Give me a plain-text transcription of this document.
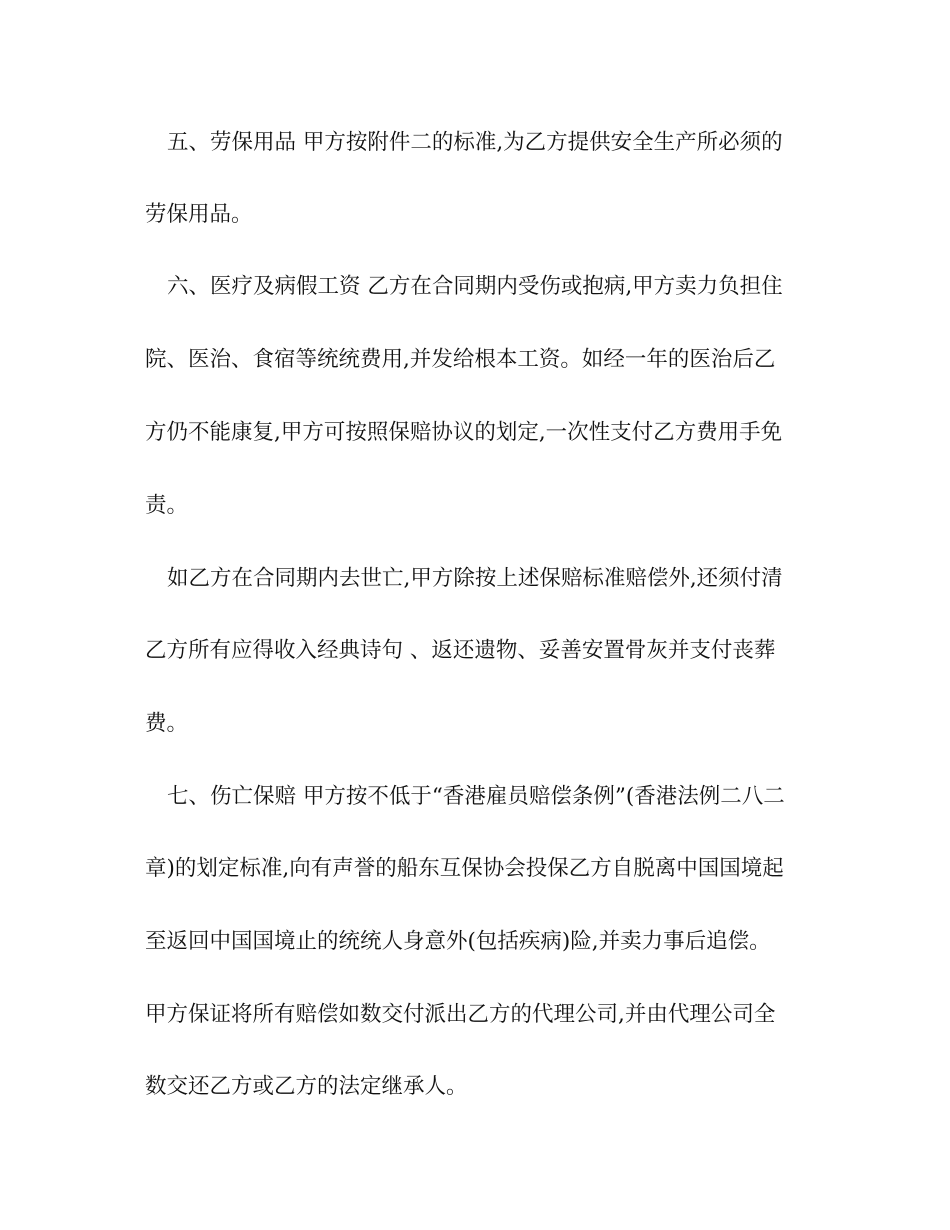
五、劳保用品 甲方按附件二的标准,为乙方提供安全生产所必须的
劳保用品。
六、医疗及病假工资 乙方在合同期内受伤或抱病,甲方卖力负担住
院、医治、食宿等统统费用,并发给根本工资。如经一年的医治后乙
方仍不能康复,甲方可按照保赔协议的划定,一次性支付乙方费用手免
责。
如乙方在合同期内去世亡,甲方除按上述保赔标准赔偿外,还须付清
乙方所有应得收入经典诗句 、返还遗物、妥善安置骨灰并支付丧葬
费。
七、伤亡保赔 甲方按不低于“香港雇员赔偿条例”(香港法例二八二
章)的划定标准,向有声誉的船东互保协会投保乙方自脱离中国国境起
至返回中国国境止的统统人身意外(包括疾病)险,并卖力事后追偿。
甲方保证将所有赔偿如数交付派出乙方的代理公司,并由代理公司全
数交还乙方或乙方的法定继承人。
